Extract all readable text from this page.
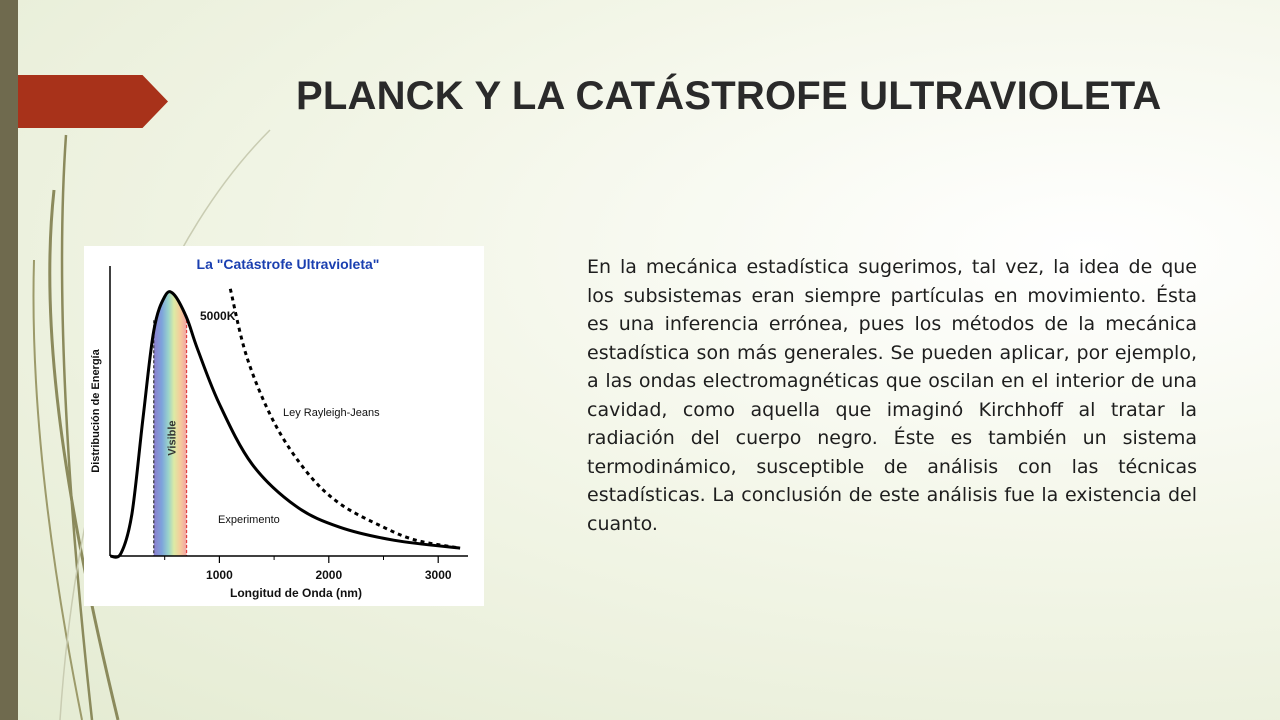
PLANCK Y LA CATÁSTROFE ULTRAVIOLETA
Visible
1000	2000	3000
La "Catástrofe Ultravioleta"
5000K
Ley Rayleigh-Jeans
Experimento
Longitud de Onda (nm)
Distribución de Energía

En la mecánica estadística sugerimos, tal vez, la idea de que los subsistemas eran siempre partículas en movimiento. Ésta es una inferencia errónea, pues los métodos de la mecánica estadística son más generales. Se pueden aplicar, por ejemplo, a las ondas electromagnéticas que oscilan en el interior de una cavidad, como aquella que imaginó Kirchhoff al tratar la radiación del cuerpo negro. Éste es también un sistema termodinámico, susceptible de análisis con las técnicas estadísticas. La conclusión de este análisis fue la existencia del cuanto.
